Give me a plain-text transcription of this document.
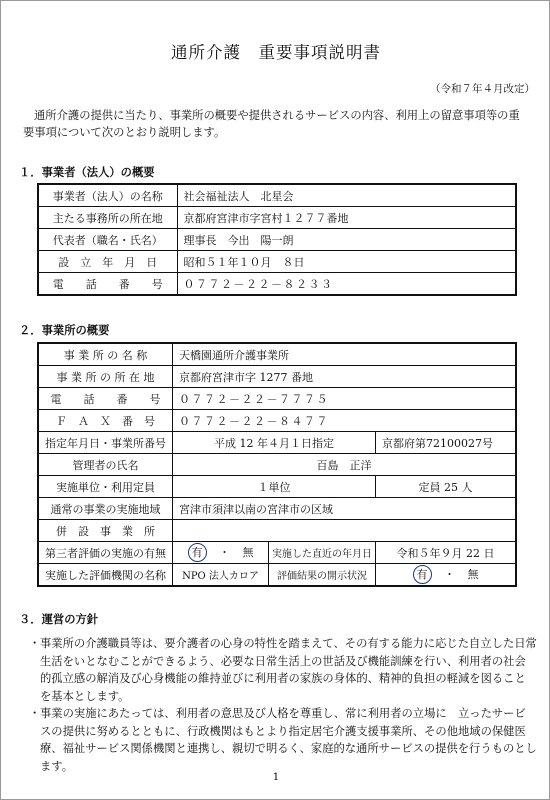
通所介護　重要事項説明書
（令和７年４月改定）
通所介護の提供に当たり、事業所の概要や提供されるサービスの内容、利用上の留意事項等の重要事項について次のとおり説明します。
１．事業者（法人）の概要
事業者（法人）の名称	社会福祉法人　北星会
主たる事務所の所在地	京都府宮津市字宮村１２７７番地
代表者（職名・氏名）	理事長　今出　陽一朗
設　立　年　月　日	昭和５１年１０月　８日
電　　話　　番　　号	０７７２－２２－８２３３
２．事業所の概要
事 業 所 の 名 称	天橋園通所介護事業所		
事 業 所 の 所 在 地	京都府宮津市字 1277 番地		
電　　話　　番　　号	０７７２－２２－７７７５		
Ｆ　Ａ　Ｘ　番　号	０７７２－２２－８４７７		
指定年月日・事業所番号	平成 12 年４月１日指定		京都府第72100027号
管理者の氏名	百島　正洋		
実施単位・利用定員	１単位		定員 25 人
通常の事業の実施地域	宮津市須津以南の宮津市の区域		
併　設　事　業　所			
第三者評価の実施の有無	有 ・ 無	実施した直近の年月日	令和５年９月 22 日
実施した評価機関の名称	NPO 法人カロア	評価結果の開示状況	有 ・ 無
３．運営の方針
・ 事業所の介護職員等は、要介護者の心身の特性を踏まえて、その有する能力に応じた自立した日常生活をいとなむことができるよう、必要な日常生活上の世話及び機能訓練を行い、利用者の社会的孤立感の解消及び心身機能の維持並びに利用者の家族の身体的、精神的負担の軽減を図ることを基本とします。
・ 事業の実施にあたっては、利用者の意思及び人格を尊重し、常に利用者の立場に　立ったサービスの提供に努めるとともに、行政機関はもとより指定居宅介護支援事業所、その他地域の保健医療、福祉サービス関係機関と連携し、親切で明るく、家庭的な通所サービスの提供を行うものとします。
1
